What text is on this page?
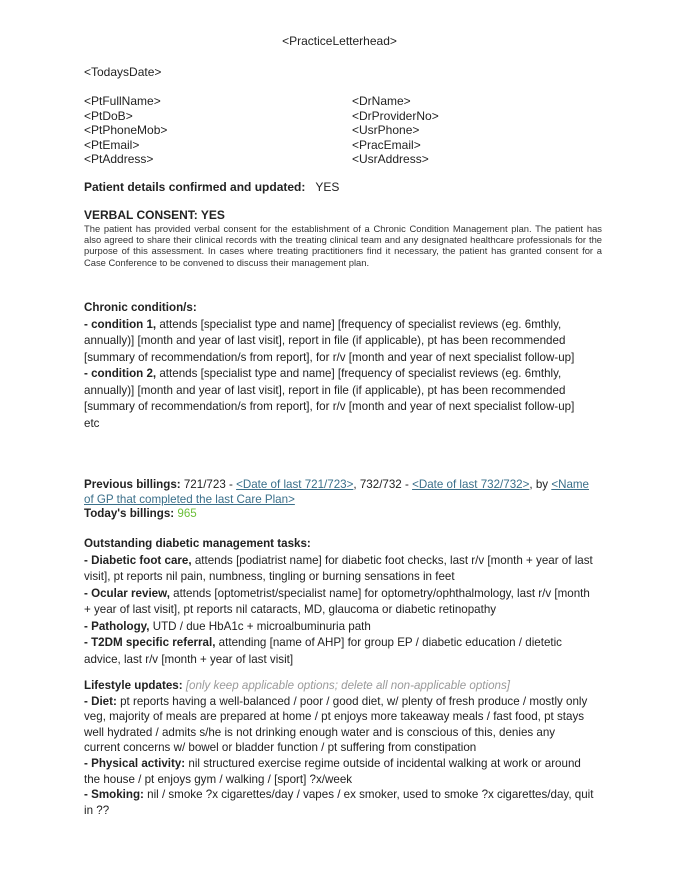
<PracticeLetterhead>
<TodaysDate>
<PtFullName>
<PtDoB>
<PtPhoneMob>
<PtEmail>
<PtAddress>
<DrName>
<DrProviderNo>
<UsrPhone>
<PracEmail>
<UsrAddress>
Patient details confirmed and updated: YES
VERBAL CONSENT: YES
The patient has provided verbal consent for the establishment of a Chronic Condition Management plan. The patient has also agreed to share their clinical records with the treating clinical team and any designated healthcare professionals for the purpose of this assessment. In cases where treating practitioners find it necessary, the patient has granted consent for a Case Conference to be convened to discuss their management plan.
Chronic condition/s:
- condition 1, attends [specialist type and name] [frequency of specialist reviews (eg. 6mthly, annually)] [month and year of last visit], report in file (if applicable), pt has been recommended [summary of recommendation/s from report], for r/v [month and year of next specialist follow-up]
- condition 2, attends [specialist type and name] [frequency of specialist reviews (eg. 6mthly, annually)] [month and year of last visit], report in file (if applicable), pt has been recommended [summary of recommendation/s from report], for r/v [month and year of next specialist follow-up]
etc
Previous billings: 721/723 - <Date of last 721/723>, 732/732 - <Date of last 732/732>, by <Name of GP that completed the last Care Plan>
Today's billings: 965
Outstanding diabetic management tasks:
- Diabetic foot care, attends [podiatrist name] for diabetic foot checks, last r/v [month + year of last visit], pt reports nil pain, numbness, tingling or burning sensations in feet
- Ocular review, attends [optometrist/specialist name] for optometry/ophthalmology, last r/v [month + year of last visit], pt reports nil cataracts, MD, glaucoma or diabetic retinopathy
- Pathology, UTD / due HbA1c + microalbuminuria path
- T2DM specific referral, attending [name of AHP] for group EP / diabetic education / dietetic advice, last r/v [month + year of last visit]
Lifestyle updates: [only keep applicable options; delete all non-applicable options]
- Diet: pt reports having a well-balanced / poor / good diet, w/ plenty of fresh produce / mostly only veg, majority of meals are prepared at home / pt enjoys more takeaway meals / fast food, pt stays well hydrated / admits s/he is not drinking enough water and is conscious of this, denies any current concerns w/ bowel or bladder function / pt suffering from constipation
- Physical activity: nil structured exercise regime outside of incidental walking at work or around the house / pt enjoys gym / walking / [sport] ?x/week
- Smoking: nil / smoke ?x cigarettes/day / vapes / ex smoker, used to smoke ?x cigarettes/day, quit in ??
